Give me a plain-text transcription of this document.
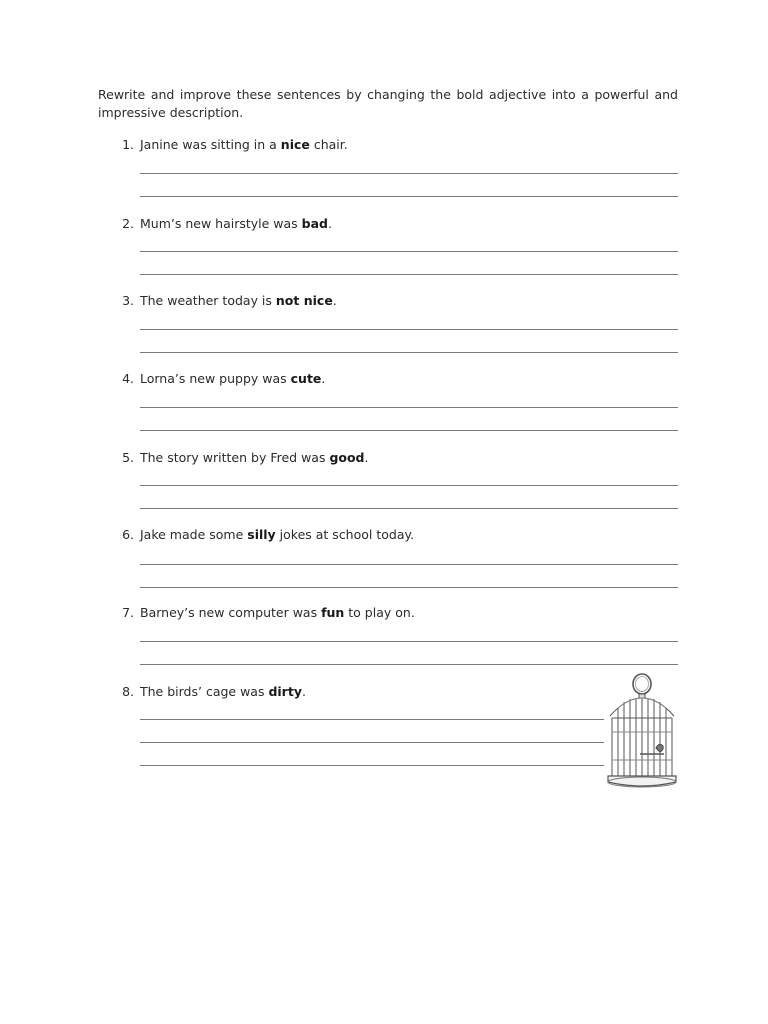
Rewrite and improve these sentences by changing the bold adjective into a powerful and impressive description.
1. Janine was sitting in a nice chair.
2. Mum’s new hairstyle was bad.
3. The weather today is not nice.
4. Lorna’s new puppy was cute.
5. The story written by Fred was good.
6. Jake made some silly jokes at school today.
7. Barney’s new computer was fun to play on.
8. The birds’ cage was dirty.
